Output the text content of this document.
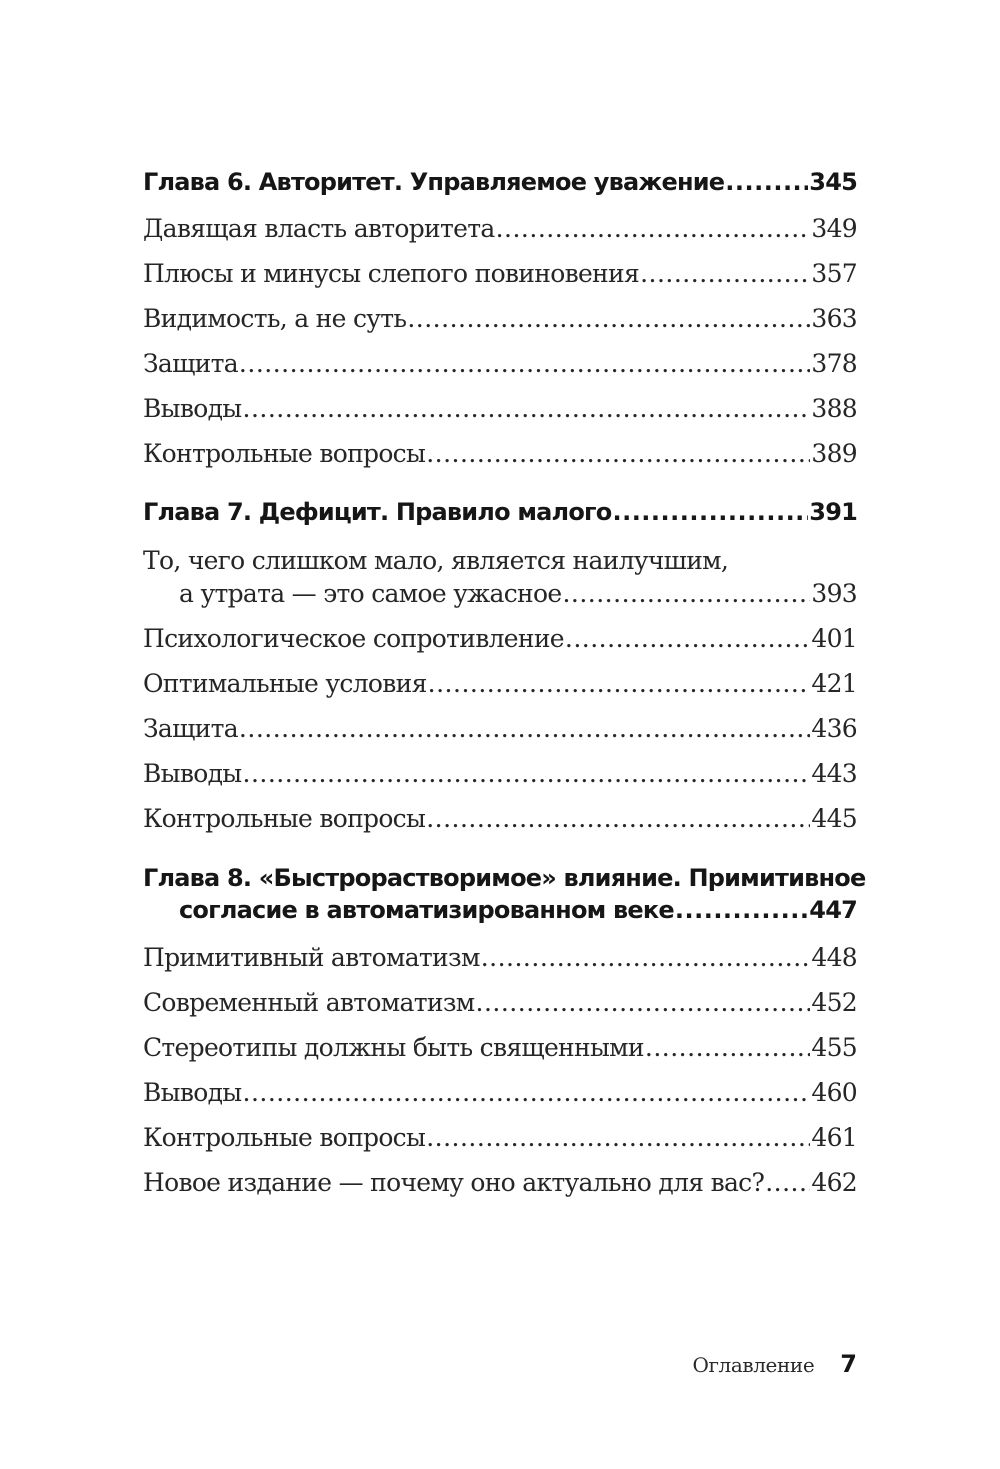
Глава 6. Авторитет. Управляемое уважение .....	345
Давящая власть авторитета .....	349
Плюсы и минусы слепого повиновения .....	357
Видимость, а не суть .....	363
Защита .....	378
Выводы .....	388
Контрольные вопросы .....	389
Глава 7. Дефицит. Правило малого .....	391
То, чего слишком мало, является наилучшим,
а утрата — это самое ужасное .....	393
Психологическое сопротивление .....	401
Оптимальные условия .....	421
Защита .....	436
Выводы .....	443
Контрольные вопросы .....	445
Глава 8. «Быстрорастворимое» влияние. Примитивное
согласие в автоматизированном веке .....	447
Примитивный автоматизм .....	448
Современный автоматизм .....	452
Стереотипы должны быть священными .....	455
Выводы .....	460
Контрольные вопросы .....	461
Новое издание — почему оно актуально для вас? ..... 462
Оглавление 7
